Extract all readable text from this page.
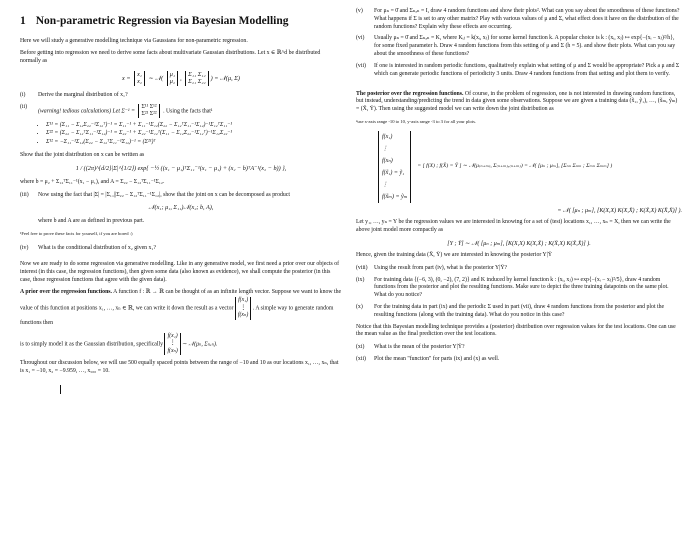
1 Non-parametric Regression via Bayesian Modelling

Here we will study a generative modelling technique via Gaussians for non-parametric regression.

Before getting into regression we need to derive some facts about multivariate Gaussian distributions. Let x ∈ ℝ^d be distributed normally as

x = x₁
x₂ ∼ 𝒩( μ₁
μ₂, Σ₁₁ Σ₁₂
Σ₂₁ Σ₂₂) = 𝒩(μ, Σ)
(i)	Derive the marginal distribution of x₁?
(ii)
(warning! tedious calculations) Let Σ⁻¹ = Σ¹¹ Σ¹²
Σ²¹ Σ²² . Using the facts that¹
• Σ¹¹ = (Σ₁₁ − Σ₁₂Σ₂₂⁻¹Σ₁₂ᵀ)⁻¹ = Σ₁₁⁻¹ + Σ₁₁⁻¹Σ₁₂(Σ₂₂ − Σ₁₂ᵀΣ₁₁⁻¹Σ₁₂)⁻¹Σ₁₂ᵀΣ₁₁⁻¹
• Σ²² = (Σ₂₂ − Σ₁₂ᵀΣ₁₁⁻¹Σ₁₂)⁻¹ = Σ₂₂⁻¹ + Σ₂₂⁻¹Σ₁₂ᵀ(Σ₁₁ − Σ₁₂Σ₂₂⁻¹Σ₁₂ᵀ)⁻¹Σ₁₂Σ₂₂⁻¹
• Σ¹² = −Σ₁₁⁻¹Σ₁₂(Σ₂₂ − Σ₁₂ᵀΣ₁₁⁻¹Σ₁₂)⁻¹ = (Σ²¹)ᵀ

Show that the joint distribution on x can be written as

1 / ((2π)^{d/2}|Σ|^{1/2}) exp{ −½ ((x₁ − μ₁)ᵀΣ₁₁⁻¹(x₁ − μ₁) + (x₂ − b)ᵀA⁻¹(x₂ − b)) },

where b = μ₂ + Σ₁₂ᵀΣ₁₁⁻¹(x₁ − μ₁), and A = Σ₂₂ − Σ₁₂ᵀΣ₁₁⁻¹Σ₁₂.

(iii)	Now using the fact that |Σ| = |Σ₁₁||Σ₂₂ − Σ₁₂ᵀΣ₁₁⁻¹Σ₁₂|, show that the joint on x can be decomposed as product
𝒩(x₁; μ₁, Σ₁₁)𝒩(x₂; b, A),

where b and A are as defined in previous part.

¹Feel free to prove these facts for yourself, if you are bored :)
(iv)	What is the conditional distribution of x₂ given x₁?

Now we are ready to do some regression via generative modelling. Like in any generative model, we first need a prior over our objects of interest (in this case, the regression functions), then given some data (also known as evidence), we shall compute the posterior (in this case, those regression functions that agree with the given data).

A prior over the regression functions. A function f : ℝ → ℝ can be thought of as an infinite length vector. Suppose we want to know the value of this function at positions x₁, …, xₙ ∈ ℝ, we can write it down the result as a vector f(x₁)
⋮
f(xₙ) . A simple way to generate random functions then

is to simply model it as the Gaussian distribution, specifically f(x₁)
⋮
f(xₙ) ∼ 𝒩(μₙ, Σₙₓₙ).

Throughout our discussion below, we will use 500 equally spaced points between the range of −10 and 10 as our locations x₁, …, xₙ, that is x₁ = −10, x₂ = −9.959, …, x₅₀₀ = 10.

(v)	For μₙ = 0̄ and Σₙₓₙ = I, draw 4 random functions and show their plots². What can you say about the smoothness of these functions? What happens if Σ is set to any other matrix? Play with various values of μ and Σ, what effect does it have on the distribution of the random functions? Explain why these effects are occurring.
(vi)	Usually μₙ = 0̄ and Σₙₓₙ = K, where Kᵢⱼ = k(xᵢ, xⱼ) for some kernel function k. A popular choice is k : (xᵢ, xⱼ) ↦ exp{−(xᵢ − xⱼ)²/h}, for some fixed parameter h. Draw 4 random functions from this setting of μ and Σ (h = 5). and show their plots. What can you say about the smoothness of these functions?
(vii)	If one is interested in random periodic functions, qualitatively explain what setting of μ and Σ would be appropriate? Pick a μ and Σ which can generate periodic functions of periodicity 3 units. Draw 4 random functions from that setting and plot them to verify.

The posterior over the regression functions. Of course, in the problem of regression, one is not interested in drawing random functions, but instead, understanding/predicting the trend in data given some observations. Suppose we are given a training data (x̃₁, ỹ₁), …, (x̃ₘ, ỹₘ) = (X̄, Ȳ). Then using the suggested model we can write down the joint distribution as

²use x-axis range -10 to 10, y-axis range -3 to 3 for all your plots.
f(x₁)
⋮
f(xₙ)
f(x̃₁) = ỹ₁
⋮
f(x̃ₘ) = ỹₘ
= [ f(X) ; f(X̄) = Ȳ ] ∼ 𝒩(μ₍ₙ₊ₘ₎, Σ₍ₙ₊ₘ₎ₓ₍ₙ₊ₘ₎) = 𝒩( [μₙ ; μₘ], [Σₙₙ Σₙₘ ; Σₘₙ Σₘₘ] )
= 𝒩( [μₙ ; μₘ], [K(X,X) K(X,X̄) ; K(X̄,X) K(X̄,X̄)] ).

Let y₁, …, yₙ = Y be the regression values we are interested in knowing for a set of (test) locations x₁, …, xₙ = X, then we can write the above joint model more compactly as

[Y ; Ȳ] ∼ 𝒩( [μₙ ; μₘ], [K(X,X) K(X,X̄) ; K(X̄,X) K(X̄,X̄)] ).

Hence, given the training data (X̄, Ȳ) we are interested in knowing the posterior Y|Ȳ

(viii)	Using the result from part (iv), what is the posterior Y|Ȳ?
(ix)	For training data {(−6, 3), (0, −2), (7, 2)} and K induced by kernel function k : (xᵢ, xⱼ) ↦ exp{−(xᵢ − xⱼ)²/5}, draw 4 random functions from the posterior and plot the resulting functions. Make sure to depict the three training datapoints on the same plot. What do you notice?
(x)	For the training data in part (ix) and the periodic Σ used in part (vii), draw 4 random functions from the posterior and plot the resulting functions (along with the training data). What do you notice in this case?

Notice that this Bayesian modelling technique provides a (posterior) distribution over regression values for the test locations. One can use the mean value as the final prediction over the test locations.

(xi)	What is the mean of the posterior Y|Ȳ?
(xii)	Plot the mean "function" for parts (ix) and (x) as well.
